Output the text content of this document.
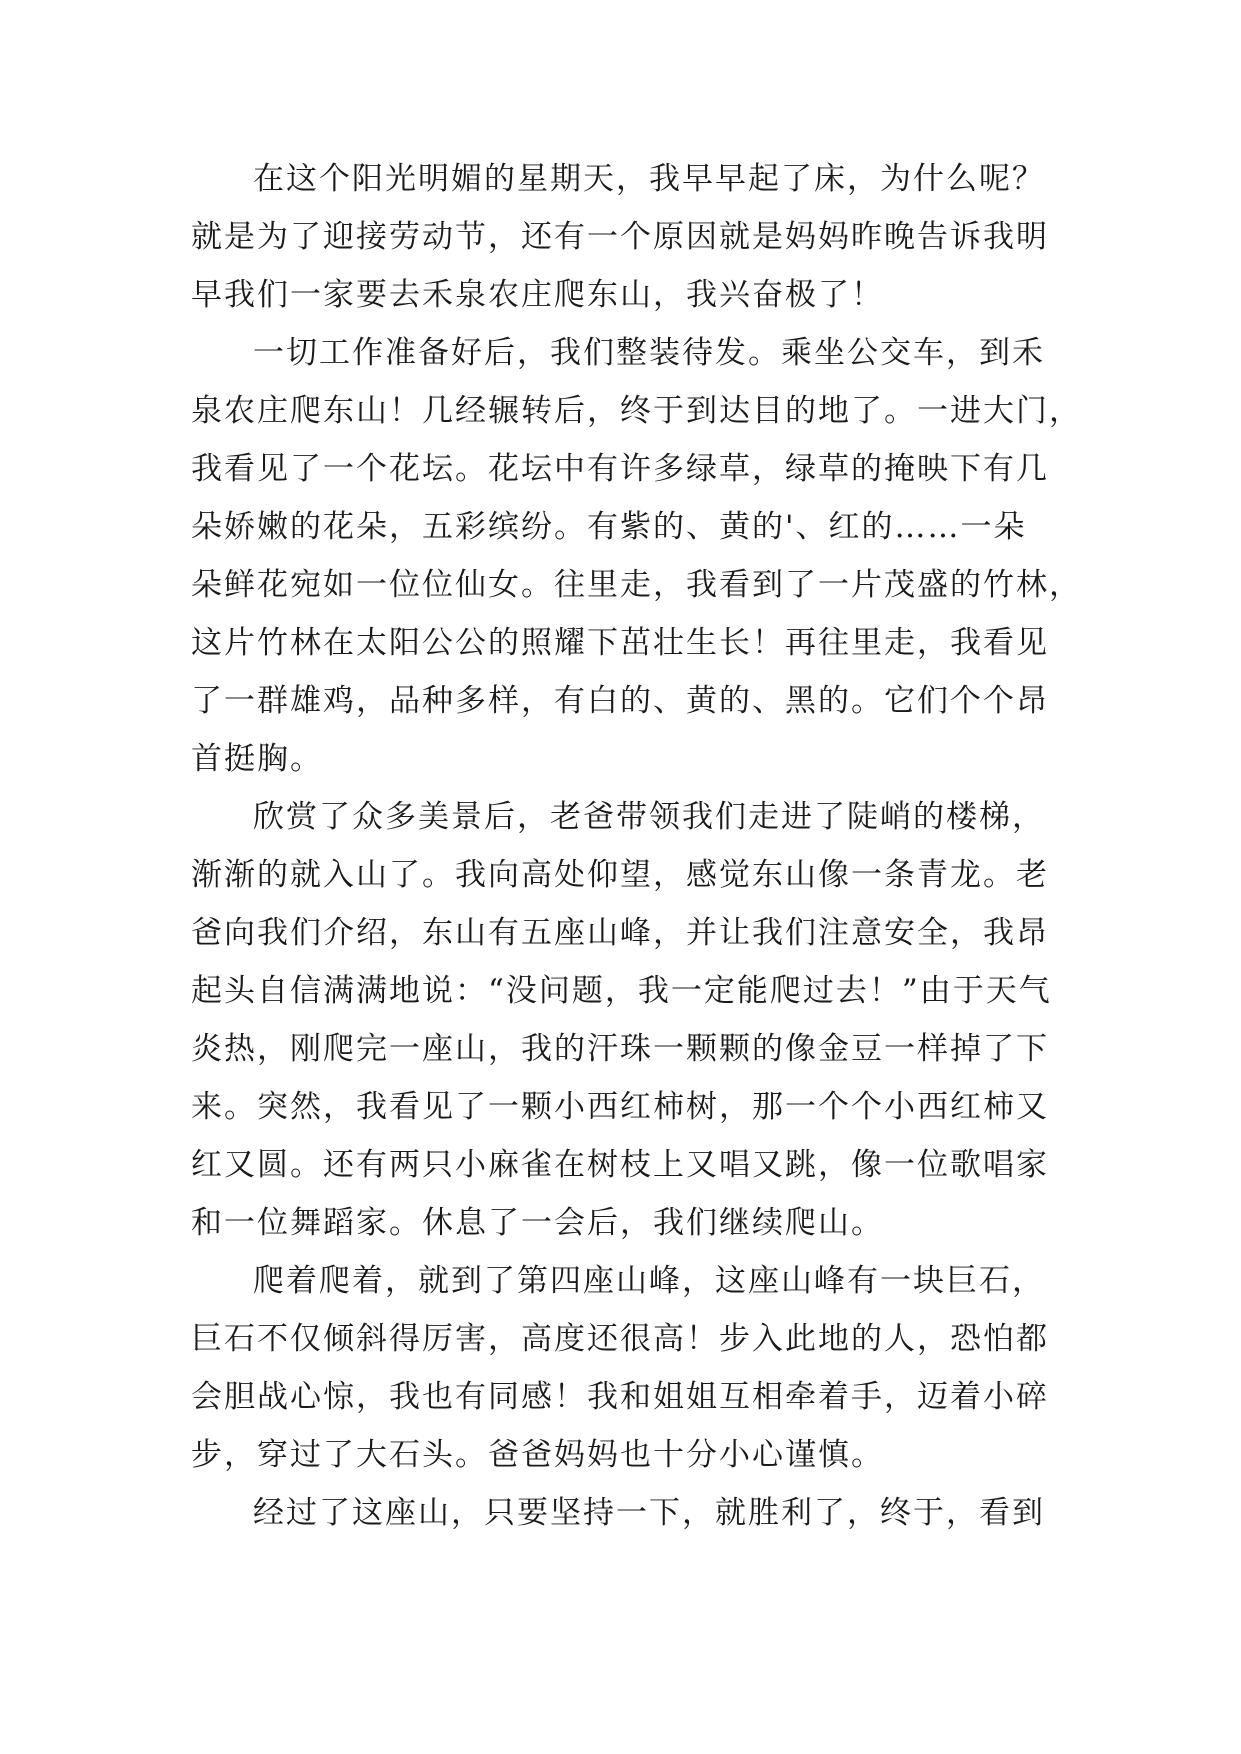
在这个阳光明媚的星期天，我早早起了床，为什么呢？
就是为了迎接劳动节，还有一个原因就是妈妈昨晚告诉我明
早我们一家要去禾泉农庄爬东山，我兴奋极了！
一切工作准备好后，我们整装待发。乘坐公交车，到禾
泉农庄爬东山！几经辗转后，终于到达目的地了。一进大门，
我看见了一个花坛。花坛中有许多绿草，绿草的掩映下有几
朵娇嫩的花朵，五彩缤纷。有紫的、黄的'、红的……一朵
朵鲜花宛如一位位仙女。往里走，我看到了一片茂盛的竹林，
这片竹林在太阳公公的照耀下茁壮生长！再往里走，我看见
了一群雄鸡，品种多样，有白的、黄的、黑的。它们个个昂
首挺胸。
欣赏了众多美景后，老爸带领我们走进了陡峭的楼梯，
渐渐的就入山了。我向高处仰望，感觉东山像一条青龙。老
爸向我们介绍，东山有五座山峰，并让我们注意安全，我昂
起头自信满满地说：“没问题，我一定能爬过去！”由于天气
炎热，刚爬完一座山，我的汗珠一颗颗的像金豆一样掉了下
来。突然，我看见了一颗小西红柿树，那一个个小西红柿又
红又圆。还有两只小麻雀在树枝上又唱又跳，像一位歌唱家
和一位舞蹈家。休息了一会后，我们继续爬山。
爬着爬着，就到了第四座山峰，这座山峰有一块巨石，
巨石不仅倾斜得厉害，高度还很高！步入此地的人，恐怕都
会胆战心惊，我也有同感！我和姐姐互相牵着手，迈着小碎
步，穿过了大石头。爸爸妈妈也十分小心谨慎。
经过了这座山，只要坚持一下，就胜利了，终于，看到
